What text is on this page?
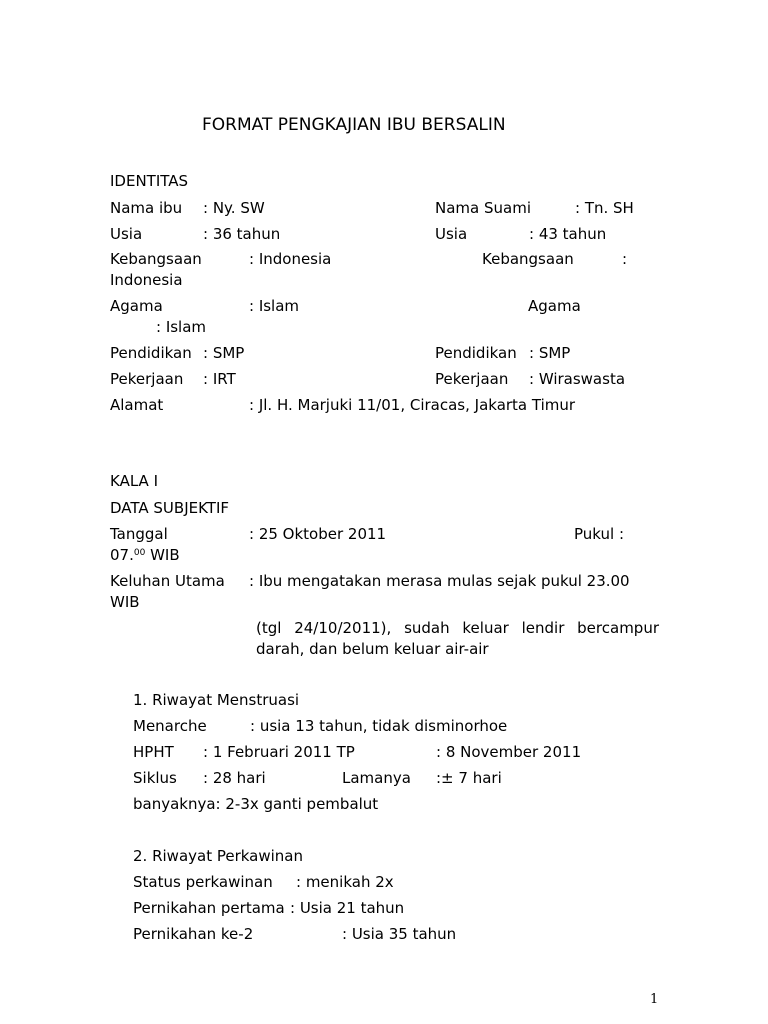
FORMAT PENGKAJIAN IBU BERSALIN
IDENTITAS
Nama ibu : Ny. SW	Nama Suami	: Tn. SH
Usia	: 36 tahun	Usia	: 43 tahun
Kebangsaan	: Indonesia	Kebangsaan	:
Indonesia
Agama	: Islam	Agama
: Islam
Pendidikan : SMP	Pendidikan : SMP
Pekerjaan : IRT	Pekerjaan : Wiraswasta
Alamat	: Jl. H. Marjuki 11/01, Ciracas, Jakarta Timur
KALA I
DATA SUBJEKTIF
Tanggal	: 25 Oktober 2011	Pukul :
07.00 WIB
Keluhan Utama : Ibu mengatakan merasa mulas sejak pukul 23.00
WIB
(tgl 24/10/2011), sudah keluar lendir bercampur
darah, dan belum keluar air-air
1. Riwayat Menstruasi
Menarche	: usia 13 tahun, tidak disminorhoe
HPHT : 1 Februari 2011 TP	: 8 November 2011
Siklus : 28 hari	Lamanya :± 7 hari
banyaknya: 2-3x ganti pembalut
2. Riwayat Perkawinan
Status perkawinan : menikah 2x
Pernikahan pertama : Usia 21 tahun
Pernikahan ke-2	: Usia 35 tahun
1
